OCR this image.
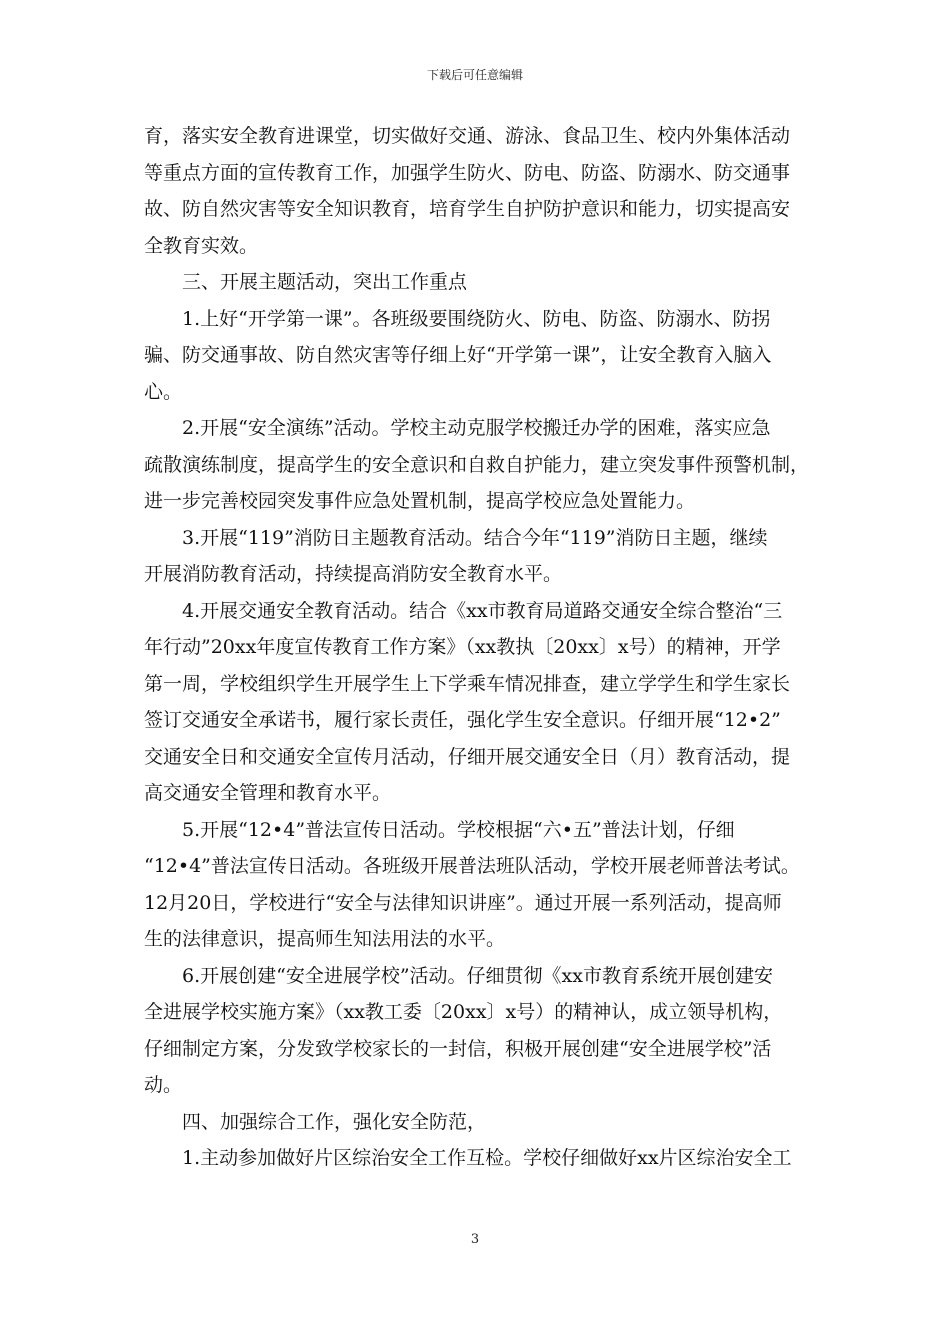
下载后可任意编辑

育，落实安全教育进课堂，切实做好交通、游泳、食品卫生、校内外集体活动

等重点方面的宣传教育工作，加强学生防火、防电、防盗、防溺水、防交通事

故、防自然灾害等安全知识教育，培育学生自护防护意识和能力，切实提高安

全教育实效。

三、开展主题活动，突出工作重点

1.上好“开学第一课”。各班级要围绕防火、防电、防盗、防溺水、防拐

骗、防交通事故、防自然灾害等仔细上好“开学第一课”，让安全教育入脑入

心。

2.开展“安全演练”活动。学校主动克服学校搬迁办学的困难，落实应急

疏散演练制度，提高学生的安全意识和自救自护能力，建立突发事件预警机制，

进一步完善校园突发事件应急处置机制，提高学校应急处置能力。

3.开展“119”消防日主题教育活动。结合今年“119”消防日主题，继续

开展消防教育活动，持续提高消防安全教育水平。

4.开展交通安全教育活动。结合《xx市教育局道路交通安全综合整治“三

年行动”20xx年度宣传教育工作方案》（xx教执〔20xx〕x号）的精神，开学

第一周，学校组织学生开展学生上下学乘车情况排查，建立学学生和学生家长

签订交通安全承诺书，履行家长责任，强化学生安全意识。仔细开展“12•2”

交通安全日和交通安全宣传月活动，仔细开展交通安全日（月）教育活动，提

高交通安全管理和教育水平。

5.开展“12•4”普法宣传日活动。学校根据“六•五”普法计划，仔细

“12•4”普法宣传日活动。各班级开展普法班队活动，学校开展老师普法考试。

12月20日，学校进行“安全与法律知识讲座”。通过开展一系列活动，提高师

生的法律意识，提高师生知法用法的水平。

6.开展创建“安全进展学校”活动。仔细贯彻《xx市教育系统开展创建安

全进展学校实施方案》（xx教工委〔20xx〕x号）的精神认，成立领导机构，

仔细制定方案，分发致学校家长的一封信，积极开展创建“安全进展学校”活

动。

四、加强综合工作，强化安全防范，

1.主动参加做好片区综治安全工作互检。学校仔细做好xx片区综治安全工

3
